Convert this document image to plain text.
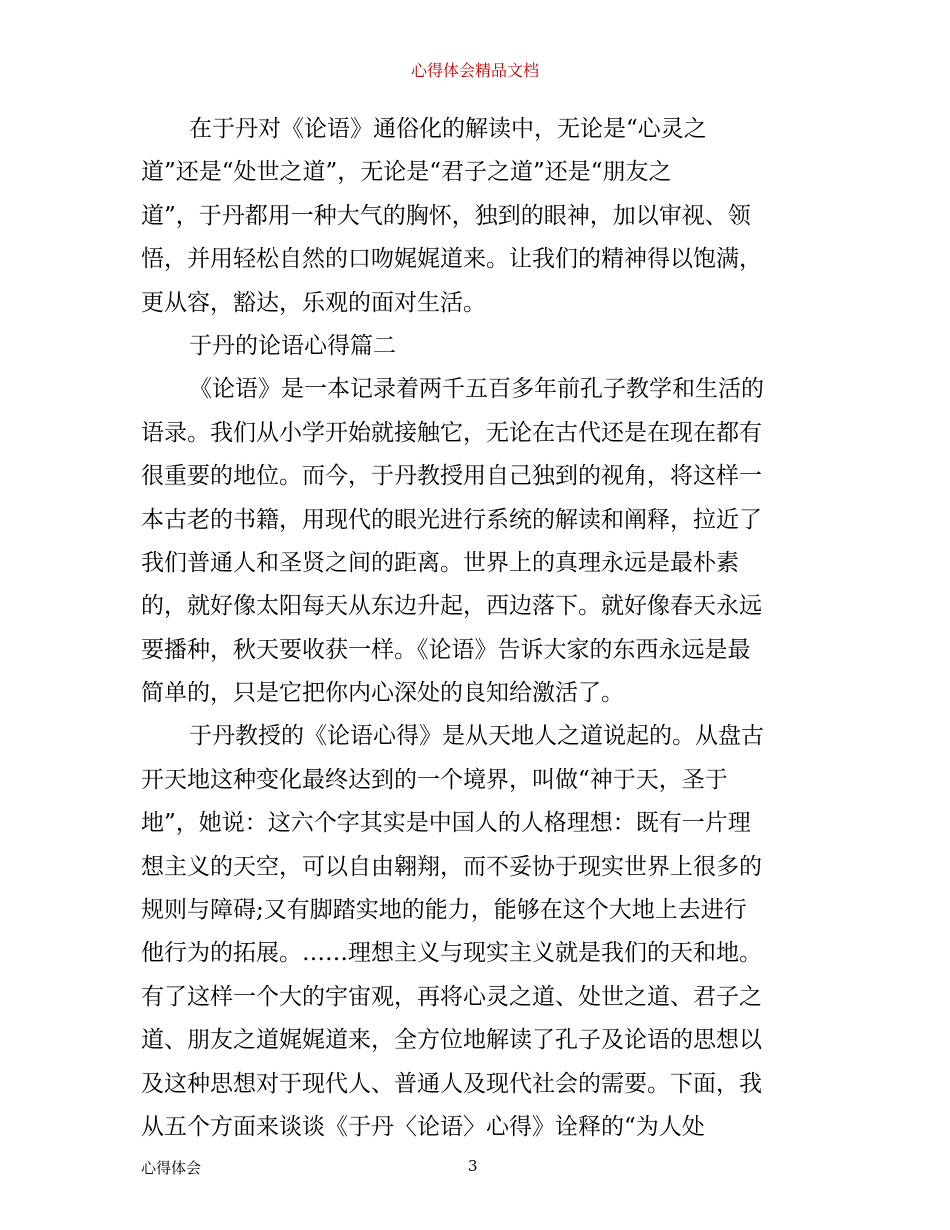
心得体会精品文档
在于丹对《论语》通俗化的解读中，无论是“心灵之
道”还是“处世之道”，无论是“君子之道”还是“朋友之
道”，于丹都用一种大气的胸怀，独到的眼神，加以审视、领
悟，并用轻松自然的口吻娓娓道来。让我们的精神得以饱满，
更从容，豁达，乐观的面对生活。
于丹的论语心得篇二
《论语》是一本记录着两千五百多年前孔子教学和生活的
语录。我们从小学开始就接触它，无论在古代还是在现在都有
很重要的地位。而今，于丹教授用自己独到的视角，将这样一
本古老的书籍，用现代的眼光进行系统的解读和阐释，拉近了
我们普通人和圣贤之间的距离。世界上的真理永远是最朴素
的，就好像太阳每天从东边升起，西边落下。就好像春天永远
要播种，秋天要收获一样。《论语》告诉大家的东西永远是最
简单的，只是它把你内心深处的良知给激活了。
于丹教授的《论语心得》是从天地人之道说起的。从盘古
开天地这种变化最终达到的一个境界，叫做“神于天，圣于
地”，她说：这六个字其实是中国人的人格理想：既有一片理
想主义的天空，可以自由翱翔，而不妥协于现实世界上很多的
规则与障碍;又有脚踏实地的能力，能够在这个大地上去进行
他行为的拓展。……理想主义与现实主义就是我们的天和地。
有了这样一个大的宇宙观，再将心灵之道、处世之道、君子之
道、朋友之道娓娓道来，全方位地解读了孔子及论语的思想以
及这种思想对于现代人、普通人及现代社会的需要。下面，我
从五个方面来谈谈《于丹〈论语〉心得》诠释的“为人处
心得体会	3
